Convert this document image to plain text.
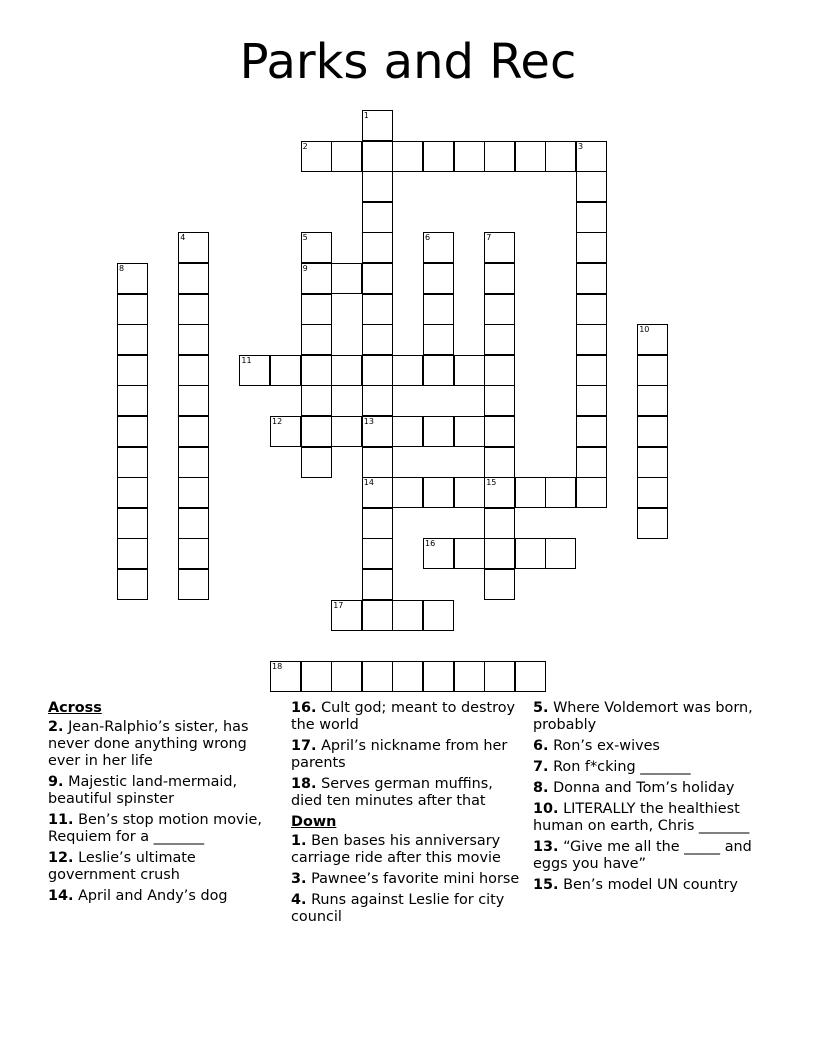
Parks and Rec
1
13
14
2	3
4	5
9
6	7
15
8
10
11
12
16
17
18
Across
2. Jean-Ralphio’s sister, has never done anything wrong ever in her life
9. Majestic land-mermaid, beautiful spinster
11. Ben’s stop motion movie, Requiem for a _______
12. Leslie’s ultimate government crush
14. April and Andy’s dog
16. Cult god; meant to destroy the world
17. April’s nickname from her parents
18. Serves german muffins, died ten minutes after that
Down
1. Ben bases his anniversary carriage ride after this movie
3. Pawnee’s favorite mini horse
4. Runs against Leslie for city council
5. Where Voldemort was born, probably
6. Ron’s ex-wives
7. Ron f*cking _______
8. Donna and Tom’s holiday
10. LITERALLY the healthiest human on earth, Chris _______
13. “Give me all the _____ and eggs you have”
15. Ben’s model UN country
